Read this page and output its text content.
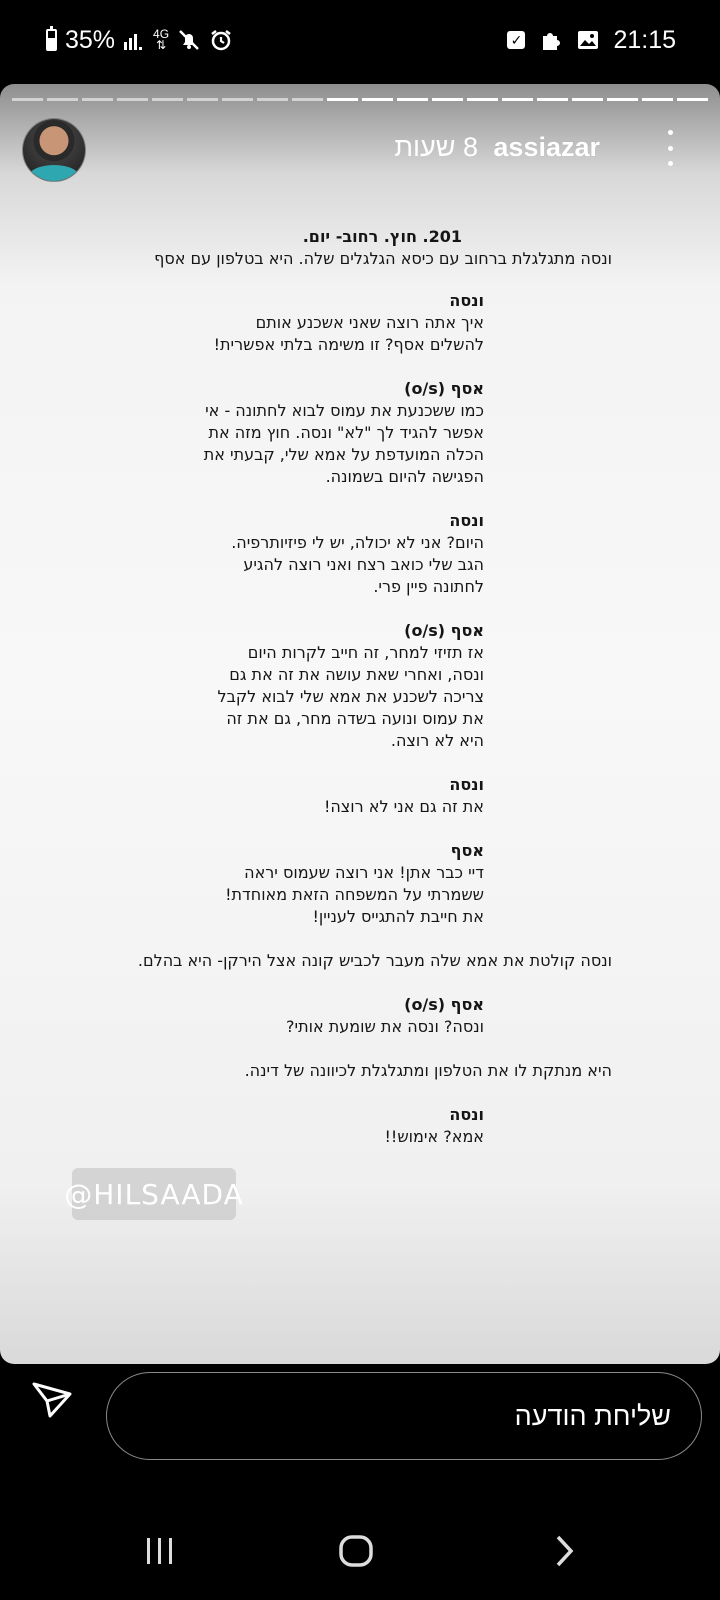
35%	4G
⇅	✓	21:15
assiazar
8 שעות

201. חוץ. רחוב- יום.

ונסה מתגלגלת ברחוב עם כיסא הגלגלים שלה. היא בטלפון עם אסף

ונסה

איך אתה רוצה שאני אשכנע אותם

להשלים אסף? זו משימה בלתי אפשרית!

אסף (o/s)

כמו ששכנעת את עמוס לבוא לחתונה - אי

אפשר להגיד לך "לא" ונסה. חוץ מזה את

הכלה המועדפת על אמא שלי, קבעתי את

הפגישה להיום בשמונה.

ונסה

היום? אני לא יכולה, יש לי פיזיותרפיה.

הגב שלי כואב רצח ואני רוצה להגיע

לחתונה פיין פרי.

אסף (o/s)

אז תזיזי למחר, זה חייב לקרות היום

ונסה, ואחרי שאת עושה את זה את גם

צריכה לשכנע את אמא שלי לבוא לקבל

את עמוס ונועה בשדה מחר, גם את זה

היא לא רוצה.

ונסה

את זה גם אני לא רוצה!

אסף

דיי כבר אתן! אני רוצה שעמוס יראה

ששמרתי על המשפחה הזאת מאוחדת!

את חייבת להתגייס לעניין!

ונסה קולטת את אמא שלה מעבר לכביש קונה אצל הירקן- היא בהלם.

אסף (o/s)

ונסה? ונסה את שומעת אותי?

היא מנתקת לו את הטלפון ומתגלגלת לכיוונה של דינה.

ונסה

אמא? אימוש!!

@HILSAADA
שליחת הודעה
